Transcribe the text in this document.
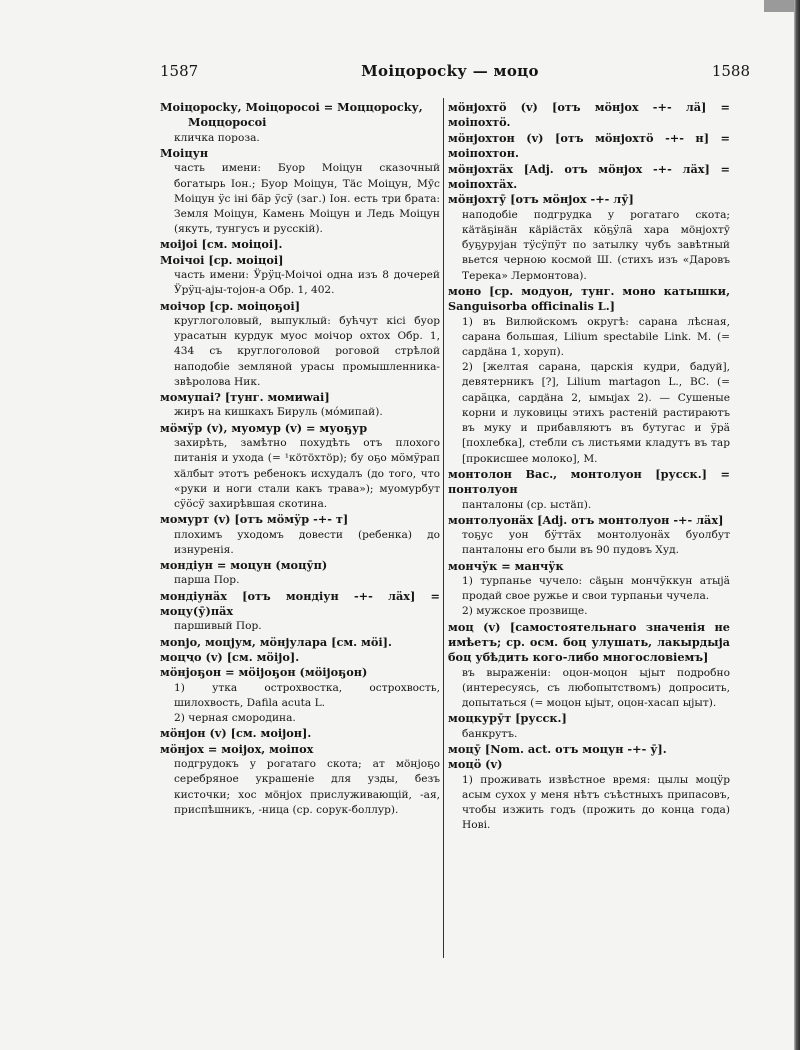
1587	Моiцоросkу — моцо	1588

Моiцоросkу, Моiцоросоi = Моццоросkу,

Моццоросоi

кличка пороза.

Моiцун

часть имени: Буор Моiцун сказочный богатырь Іон.; Буор Моiцун, Тäс Моiцун, Мӯс Моiцун ӱс iнi бӓр ӱсӱ (заг.) Іон. есть три брата: Земля Моiцун, Камень Моiцун и Ледь Моiцун (якуть, тунгусъ и русскiй).

моiјоi [см. моiцоi].

Моiчоi [ср. моiцоi]

часть имени: Ӱрӱц-Моiчоi одна изъ 8 дочерей Ӱрӱц-аjы-тојон-а Обр. 1, 402.

моiчор [ср. моiцоҕоi]

круглоголовый, выпуклый: бућчут кiсi буор урасатын курдук муос моiчор охтох Обр. 1, 434 съ круглоголовой роговой стрѣлой наподобiе земляной урасы промышленника-звѣролова Ник.

момупаi? [тунг. момиwаi]

жиръ на кишкахъ Бируль (мóмипай).

мӧмӱр (v), муомур (v) = муоҕур

захирѣть, замѣтно похудѣть отъ плохого питанiя и ухода (= ¹кöтöхтöр); бу оҕо мӧмӱрап хäлбыт этотъ ребенокъ исхудалъ (до того, что «руки и ноги стали какъ трава»); муомурбут сӱӧсӱ захирѣвшая скотина.

момурт (v) [отъ мӧмӱр -+- т]

плохимъ уходомъ довести (ребенка) до изнуренiя.

мондiун = моцун (моцӯп)

парша Пор.

мондiунӓх [отъ мондiун -+- лäх] = моцу(ӯ)пӓх

паршивый Пор.

моnјо, моцјум, мӧнјулара [см. мöi].

моцҷо (v) [см. мöiјо].

мöнjоҕон = мöiјоҕон (мöiјоҕон)

1) утка острохвостка, острохвость, шилохвость, Dafila acuta L.

2) черная смородина.

мöнјон (v) [см. моiјон].

мöнjох = моiјох, моiпох

подгрудокъ у рогатаго скота; ат мöнјоҕо серебряное украшенiе для узды, безъ кисточки; хос мöнјох прислуживающiй, -ая, приспѣшникъ, -ница (ср. сорук-боллур).

мöнјохтö (v) [отъ мöнјох -+- лä] = моiпохтö.

мöнјохтон (v) [отъ мöнјохтö -+- н] = моiпохтон.

мöнјохтӓх [Adj. отъ мöнјох -+- лäх] = моiпохтӓх.

мöнјохтӯ [отъ мöнјох -+- лӯ]

наподобiе подгрудка у рогатаго скота; кäтäҕiнäн кäрiäстӓх кӧҕӱлӓ хара мöнјохтӯ буҕурујан тӱсӱпӱт по затылку чубъ завѣтный вьется черною космой Ш. (стихъ изъ «Даровъ Терека» Лермонтова).

моно [ср. модуон, тунг. моно катышки, Sanguisorba officinalis L.]

1) въ Вилюйскомъ округѣ: сарана лѣсная, сарана большая, Lilium spectabile Link. М. (= сардäна 1, хоруп).

2) [желтая сарана, царскiя кудри, бадуй], девятерникъ [?], Lilium martagon L., ВС. (= сарӓцка, сардäна 2, ымыjах 2). — Сушеные корни и луковицы этихъ растенiй растираютъ въ муку и прибавляютъ въ бутугас и ӱрӓ [похлебка], стебли съ листьями кладутъ въ тар [прокисшее молоко], М.

монтолон Вас., монтолуон [русск.] = понтолуон

панталоны (ср. ыстäп).

монтолуонӓх [Adj. отъ монтолуон -+- лäх]

тоҕус уон бӱттӓх монтолуонӓх буолбут панталоны его были въ 90 пудовъ Худ.

мончӱк = манчӱк

1) турпанье чучело: сäҕын мончӱккун атыјӓ продай свое ружье и свои турпаньи чучела.

2) мужское прозвище.

моц (v) [самостоятельнаго значенiя не имѣетъ; ср. осм. боц улушать, лакырдыја боц убѣдить кого-либо многословiемъ]

въ выраженiи: оцон-моцон ыјыт подробно (интересуясь, съ любопытствомъ) допросить, допытаться (= моцон ыјыт, оцон-хасап ыјыт).

моцкурӯт [русск.]

банкрутъ.

моцӯ [Nom. act. отъ моцун -+- ӯ].

моцӧ (v)

1) проживать извѣстное время: цылы моцӱр асым сухох у меня нѣтъ съѣстныхъ припасовъ, чтобы изжить годъ (прожить до конца года) Нові.
